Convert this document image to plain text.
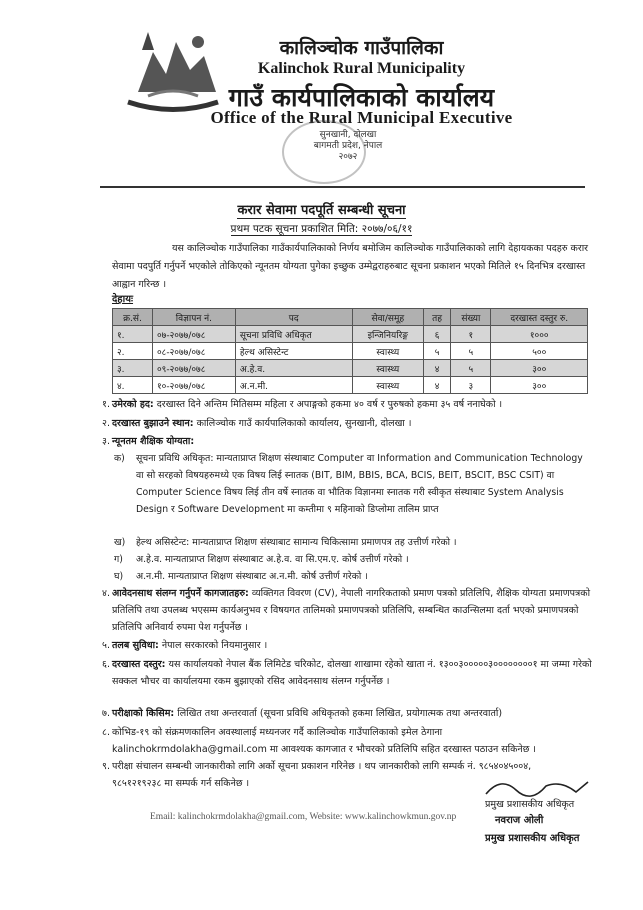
कालिञ्चोक गाउँपालिका
Kalinchok Rural Municipality
गाउँ कार्यपालिकाको कार्यालय
Office of the Rural Municipal Executive
सुनखानी, दोलखा
बागमती प्रदेश, नेपाल
२०७२
करार सेवामा पदपूर्ति सम्बन्धी सूचना
प्रथम पटक सूचना प्रकाशित मिति: २०७७/०६/११
यस कालिञ्चोक गाउँपालिका गाउँकार्यपालिकाको निर्णय बमोजिम कालिञ्चोक गाउँपालिकाको लागि देहायकका पदहरु करार सेवामा पदपुर्ति गर्नुपर्ने भएकोले तोकिएको न्यूनतम योग्यता पुगेका इच्छुक उम्मेद्वराहरुबाट सूचना प्रकाशन भएको मितिले १५ दिनभित्र दरखास्त आह्वान गरिन्छ ।
देहायः
क्र.सं.	विज्ञापन नं.	पद	सेवा/समूह	तह	संख्या	दरखास्त दस्तुर रु.
१.	०७-२०७७/०७८	सूचना प्रविधि अधिकृत	इन्जिनियरिङ्ग	६	१	१०००
२.	०८-२०७७/०७८	हेल्थ असिस्टेन्ट	स्वास्थ्य	५	५	५००
३.	०९-२०७७/०७८	अ.हे.व.	स्वास्थ्य	४	५	३००
४.	१०-२०७७/०७८	अ.न.मी.	स्वास्थ्य	४	३	३००
१. उमेरको हद: दरखास्त दिने अन्तिम मितिसम्म महिला र अपाङ्गको हकमा ४० वर्ष र पुरुषको हकमा ३५ वर्ष ननाघेको ।
२. दरखास्त बुझाउने स्थान: कालिञ्चोक गाउँ कार्यपालिकाको कार्यालय, सुनखानी, दोलखा ।
३. न्यूनतम शैक्षिक योग्यता:
क) सूचना प्रविधि अधिकृत: मान्यताप्राप्त शिक्षण संस्थाबाट Computer वा Information and Communication Technology वा सो सरहको विषयहरुमध्ये एक विषय लिई स्नातक (BIT, BIM, BBIS, BCA, BCIS, BEIT, BSCIT, BSC CSIT) वा Computer Science विषय लिई तीन वर्षे स्नातक वा भौतिक विज्ञानमा स्नातक गरी स्वीकृत संस्थाबाट System Analysis Design र Software Development मा कम्तीमा ९ महिनाको डिप्लोमा तालिम प्राप्त
ख) हेल्थ असिस्टेन्ट: मान्यताप्राप्त शिक्षण संस्थाबाट सामान्य चिकित्सामा प्रमाणपत्र तह उत्तीर्ण गरेको ।
ग) अ.हे.व. मान्यताप्राप्त शिक्षण संस्थाबाट अ.हे.व. वा सि.एम.ए. कोर्ष उत्तीर्ण गरेको ।
घ) अ.न.मी. मान्यताप्राप्त शिक्षण संस्थाबाट अ.न.मी. कोर्ष उत्तीर्ण गरेको ।
४. आवेदनसाथ संलग्न गर्नुपर्ने कागजातहरु: व्यक्तिगत विवरण (CV), नेपाली नागरिकताको प्रमाण पत्रको प्रतिलिपि, शैक्षिक योग्यता प्रमाणपत्रको प्रतिलिपि तथा उपलब्ध भएसम्म कार्यअनुभव र विषयगत तालिमको प्रमाणपत्रको प्रतिलिपि, सम्बन्धित काउन्सिलमा दर्ता भएको प्रमाणपत्रको प्रतिलिपि अनिवार्य रुपमा पेश गर्नुपर्नेछ ।
५. तलब सुविधा: नेपाल सरकारको नियमानुसार ।
६. दरखास्त दस्तुर: यस कार्यालयको नेपाल बैंक लिमिटेड चरिकोट, दोलखा शाखामा रहेको खाता नं. १३००३०००००३००००००००१ मा जम्मा गरेको सक्कल भौचर वा कार्यालयमा रकम बुझाएको रसिद आवेदनसाथ संलग्न गर्नुपर्नेछ ।
७. परीक्षाको किसिम: लिखित तथा अन्तरवार्ता (सूचना प्रविधि अधिकृतको हकमा लिखित, प्रयोगात्मक तथा अन्तरवार्ता)
८. कोभिड-१९ को संक्रमणकालिन अवस्थालाई मध्यनजर गर्दै कालिञ्चोक गाउँपालिकाको इमेल ठेगाना kalinchokrmdolakha@gmail.com मा आवश्यक कागजात र भौचरको प्रतिलिपि सहित दरखास्त पठाउन सकिनेछ ।
९. परीक्षा संचालन सम्बन्धी जानकारीको लागि अर्को सूचना प्रकाशन गरिनेछ । थप जानकारीको लागि सम्पर्क नं. ९८५४०४५००४, ९८५१२१९२३८ मा सम्पर्क गर्न सकिनेछ ।
प्रमुख प्रशासकीय अधिकृत
Email: kalinchokrmdolakha@gmail.com, Website: www.kalinchowkmun.gov.np	नवराज ओली
प्रमुख प्रशासकीय अधिकृत
